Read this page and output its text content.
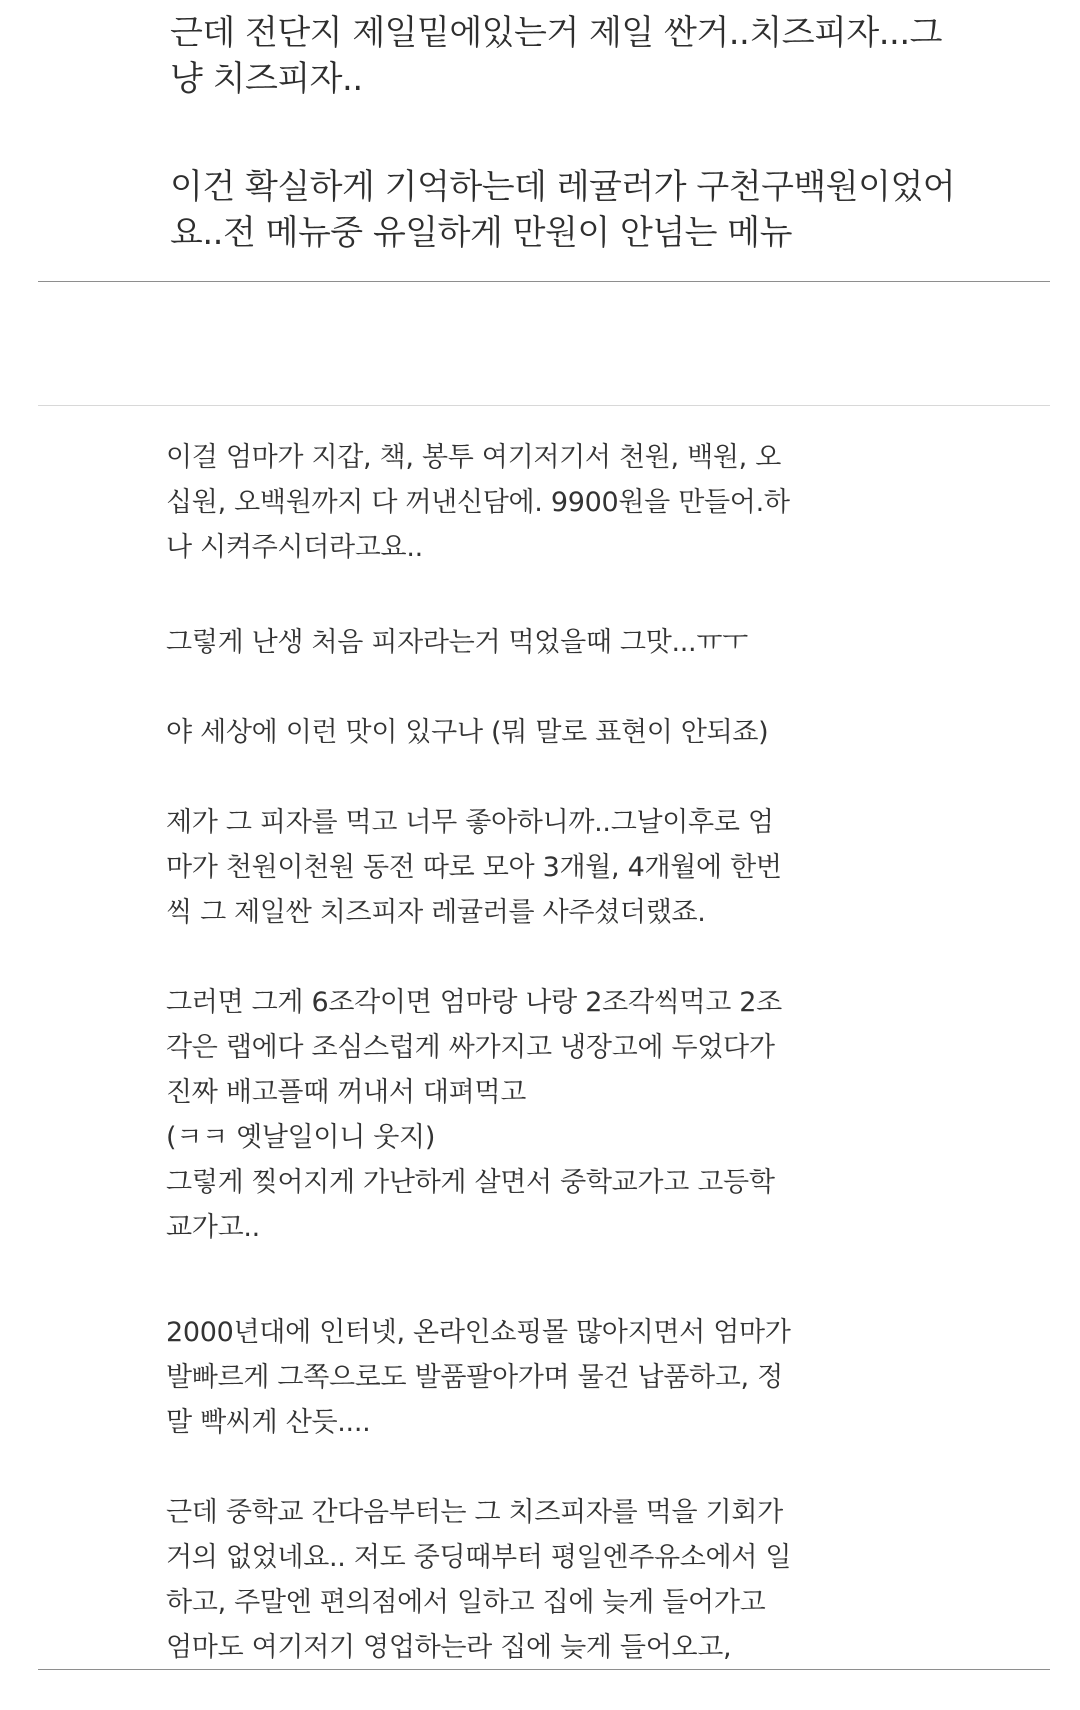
근데 전단지 제일밑에있는거 제일 싼거..치즈피자...그
냥 치즈피자..
이건 확실하게 기억하는데 레귤러가 구천구백원이었어
요..전 메뉴중 유일하게 만원이 안넘는 메뉴
이걸 엄마가 지갑, 책, 봉투 여기저기서 천원, 백원, 오
십원, 오백원까지 다 꺼낸신담에. 9900원을 만들어.하
나 시켜주시더라고요..
그렇게 난생 처음 피자라는거 먹었을때 그맛...ㅠㅜ
야 세상에 이런 맛이 있구나 (뭐 말로 표현이 안되죠)
제가 그 피자를 먹고 너무 좋아하니까..그날이후로 엄
마가 천원이천원 동전 따로 모아 3개월, 4개월에 한번
씩 그 제일싼 치즈피자 레귤러를 사주셨더랬죠.
그러면 그게 6조각이면 엄마랑 나랑 2조각씩먹고 2조
각은 랩에다 조심스럽게 싸가지고 냉장고에 두었다가
진짜 배고플때 꺼내서 대펴먹고
(ㅋㅋ 옛날일이니 웃지)
그렇게 찢어지게 가난하게 살면서 중학교가고 고등학
교가고..
2000년대에 인터넷, 온라인쇼핑몰 많아지면서 엄마가
발빠르게 그쪽으로도 발품팔아가며 물건 납품하고, 정
말 빡씨게 산듯....
근데 중학교 간다음부터는 그 치즈피자를 먹을 기회가
거의 없었네요.. 저도 중딩때부터 평일엔주유소에서 일
하고, 주말엔 편의점에서 일하고 집에 늦게 들어가고
엄마도 여기저기 영업하는라 집에 늦게 들어오고,
